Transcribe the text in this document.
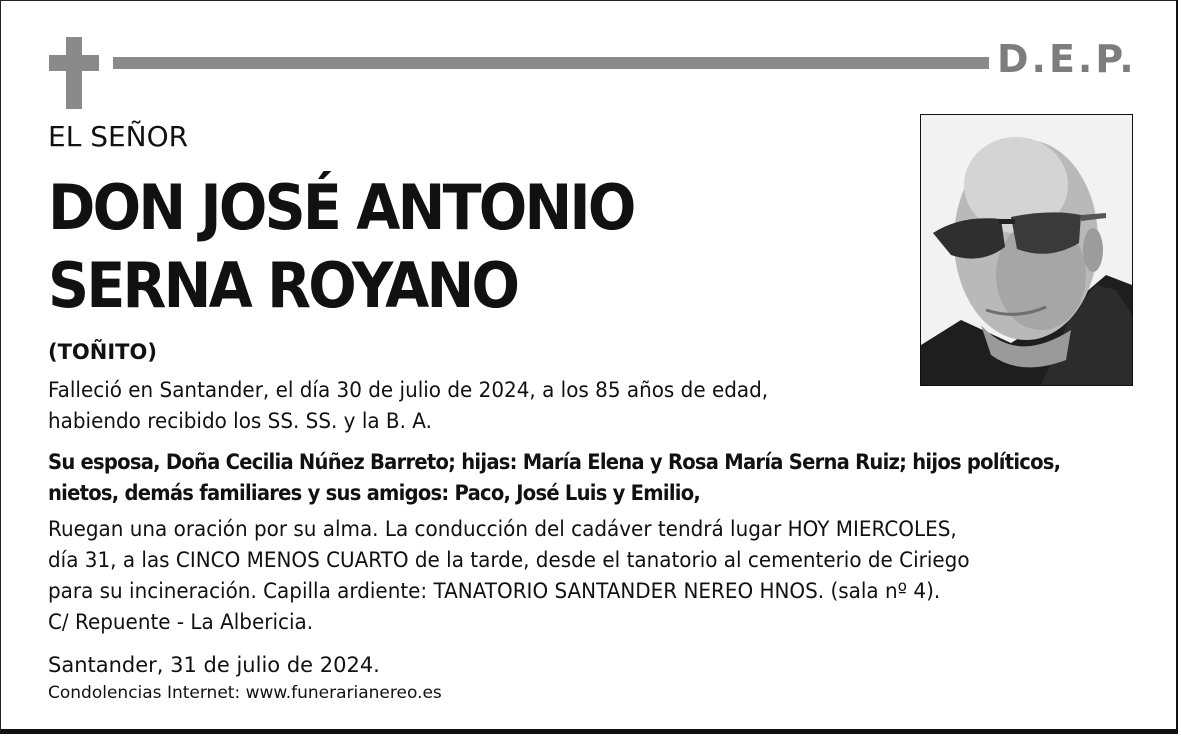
D.E.P.
EL SEÑOR
DON JOSÉ ANTONIO
SERNA ROYANO
(TOÑITO)
Falleció en Santander, el día 30 de julio de 2024, a los 85 años de edad,
habiendo recibido los SS. SS. y la B. A.
Su esposa, Doña Cecilia Núñez Barreto; hijas: María Elena y Rosa María Serna Ruiz; hijos políticos,
nietos, demás familiares y sus amigos: Paco, José Luis y Emilio,
Ruegan una oración por su alma. La conducción del cadáver tendrá lugar HOY MIERCOLES,
día 31, a las CINCO MENOS CUARTO de la tarde, desde el tanatorio al cementerio de Ciriego
para su incineración. Capilla ardiente: TANATORIO SANTANDER NEREO HNOS. (sala nº 4).
C/ Repuente - La Albericia.
Santander, 31 de julio de 2024.
Condolencias Internet: www.funerarianereo.es
